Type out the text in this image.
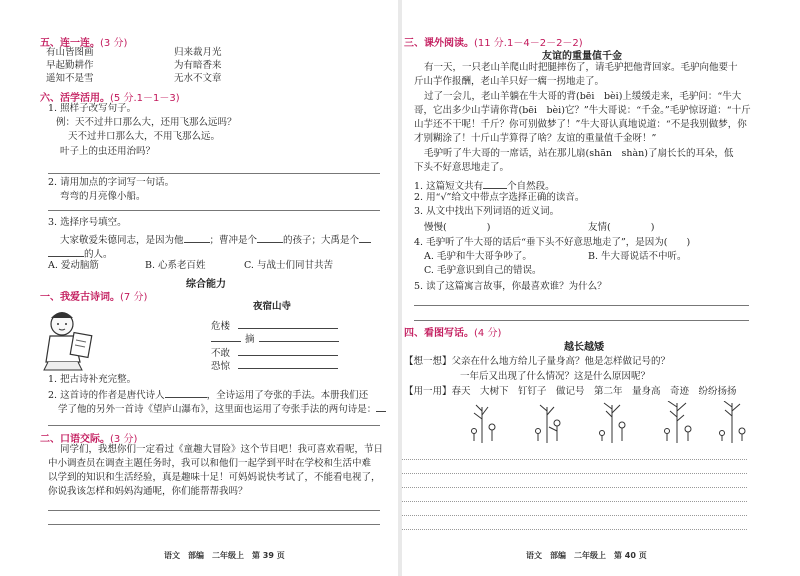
五、连一连。(3 分)
有山皆图画	归来裁月光
早起勤耕作	为有暗香来
遥知不是雪	无水不文章
六、活学活用。(5 分.1－1－3)
1. 照样子改写句子。
例：天不过井口那么大，还用飞那么远吗？
天不过井口那么大，不用飞那么远。
叶子上的虫还用治吗？
2. 请用加点的字词写一句话。
弯弯的月亮像小船。
3. 选择序号填空。
大家敬爱朱德同志，是因为他	；曹冲是个	的孩子；大禹是个
的人。
A. 爱动脑筋	B. 心系老百姓	C. 与战士们同甘共苦
综合能力
一、我爱古诗词。(7 分)
夜宿山寺
危楼
摘
不敢
恐惊
1. 把古诗补充完整。
2. 这首诗的作者是唐代诗人	，全诗运用了夸张的手法。本册我们还
学了他的另外一首诗《望庐山瀑布》，这里面也运用了夸张手法的两句诗是：
二、口语交际。(3 分)
同学们，我想你们一定看过《童趣大冒险》这个节目吧！我可喜欢看呢，节日
中小调查员在调查主题任务时，我可以和他们一起学到平时在学校和生活中难
以学到的知识和生活经验，真是趣味十足！可妈妈说快考试了，不能看电视了，
你说我该怎样和妈妈沟通呢，你们能帮帮我吗？
语文　部编　二年级上　第 39 页
三、课外阅读。(11 分.1－4－2－2－2)
友谊的重量值千金
有一天，一只老山羊爬山时把腿摔伤了，请毛驴把他背回家。毛驴向他要十
斤山芋作报酬，老山羊只好一瘸一拐地走了。
过了一会儿，老山羊躺在牛大哥的背(bēi　bèi)上缓缓走来，毛驴问：“牛大
哥，它出多少山芋请你背(bēi　bèi)它？”牛大哥说：“千金。”毛驴惊讶道：“十斤
山芋还不干呢！千斤？你可别做梦了！”牛大哥认真地说道：“不是我别做梦，你
才别糊涂了！十斤山芋算得了啥？友谊的重量值千金呀！”
毛驴听了牛大哥的一席话，站在那儿扇(shān　shàn)了扇长长的耳朵，低
下头不好意思地走了。
1. 这篇短文共有	个自然段。
2. 用“√”给文中带点字选择正确的读音。
3. 从文中找出下列词语的近义词。
慢慢(	)	友情(	)
4. 毛驴听了牛大哥的话后“垂下头不好意思地走了”，是因为(　　)
A. 毛驴和牛大哥争吵了。	B. 牛大哥说话不中听。
C. 毛驴意识到自己的错误。
5. 读了这篇寓言故事，你最喜欢谁？为什么？
四、看图写话。(4 分)
越长越矮
【想一想】父亲在什么地方给儿子量身高？他是怎样做记号的？
一年后又出现了什么情况？这是什么原因呢？
【用一用】春天　大树下　钉钉子　做记号　第二年　量身高　奇迹　纷纷扬扬
语文　部编　二年级上　第 40 页
